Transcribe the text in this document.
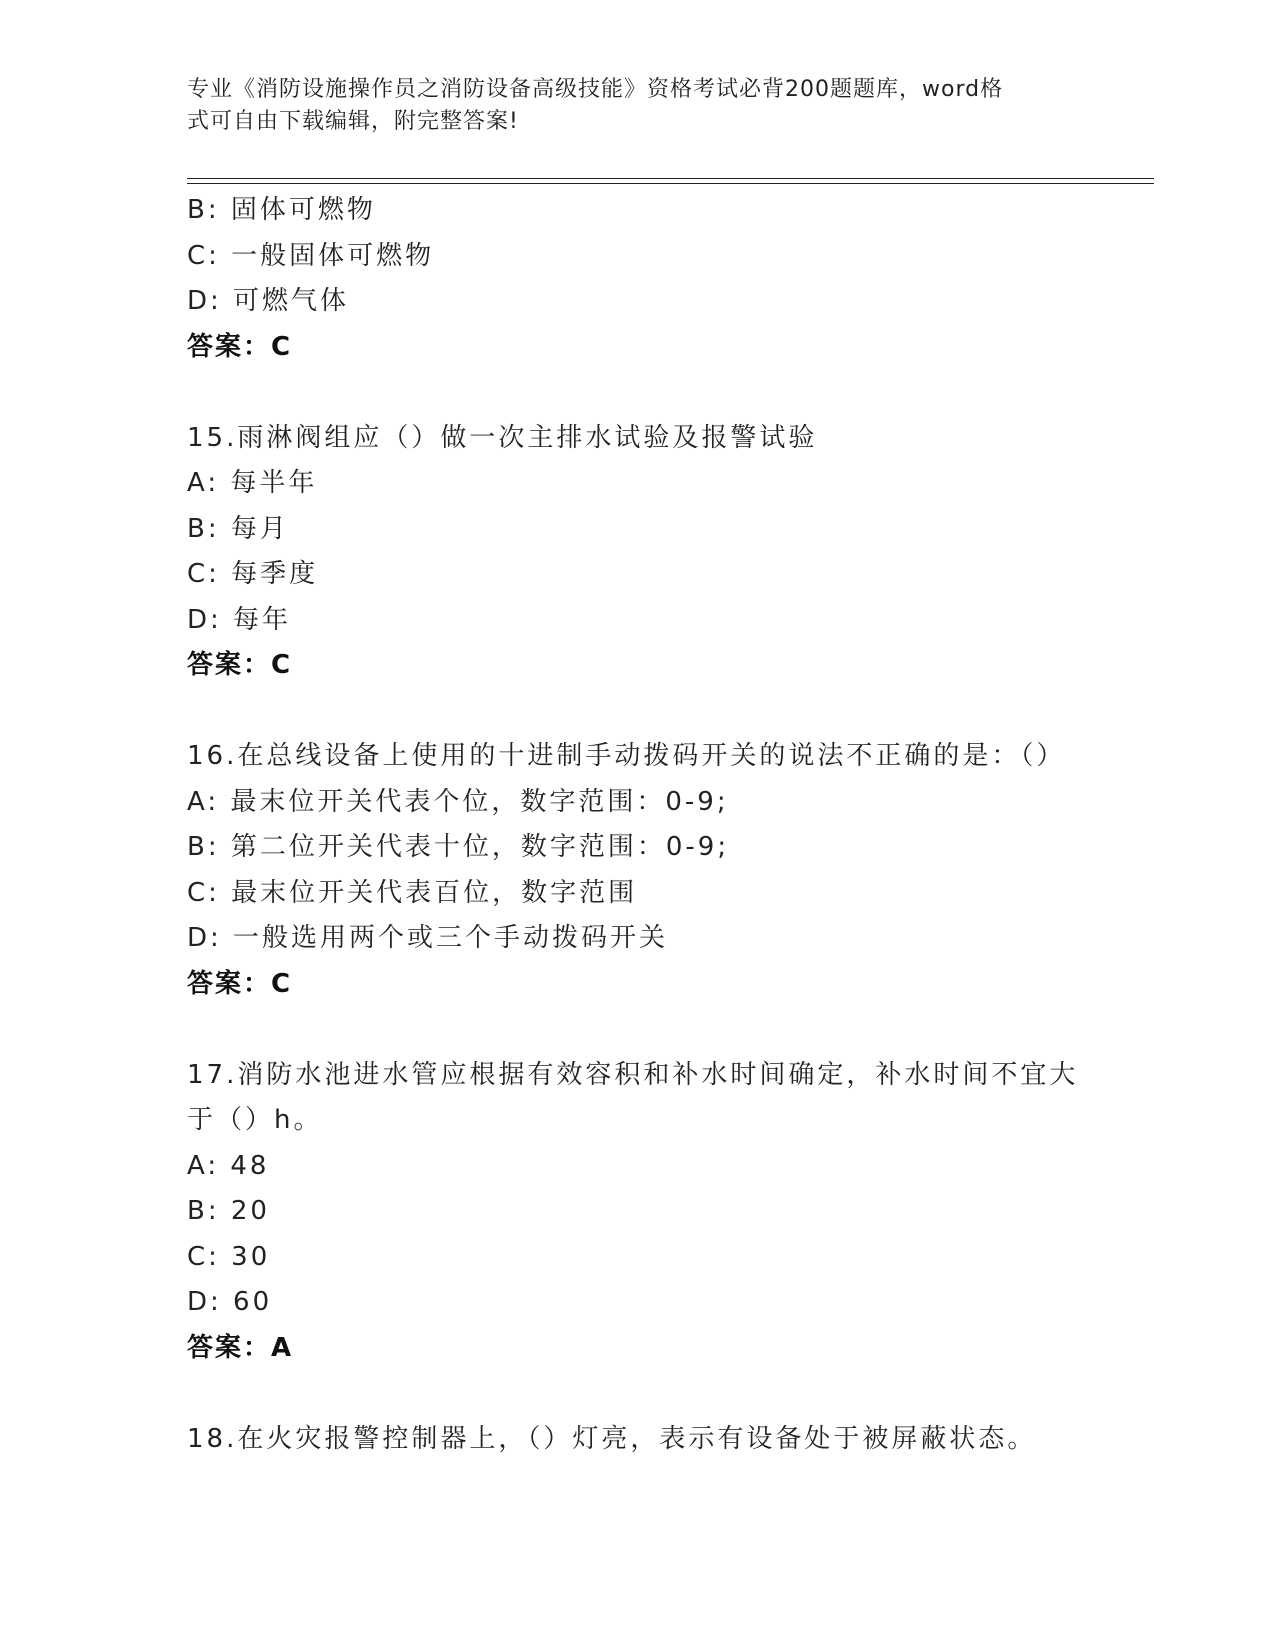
专业《消防设施操作员之消防设备高级技能》资格考试必背200题题库，word格
式可自由下载编辑，附完整答案!
B: 固体可燃物
C: 一般固体可燃物
D: 可燃气体
答案：C
15.雨淋阀组应（）做一次主排水试验及报警试验
A: 每半年
B: 每月
C: 每季度
D: 每年
答案：C
16.在总线设备上使用的十进制手动拨码开关的说法不正确的是：（）
A: 最末位开关代表个位，数字范围：0-9;
B: 第二位开关代表十位，数字范围：0-9;
C: 最末位开关代表百位，数字范围
D: 一般选用两个或三个手动拨码开关
答案：C
17.消防水池进水管应根据有效容积和补水时间确定，补水时间不宜大
于（）h。
A: 48
B: 20
C: 30
D: 60
答案：A
18.在火灾报警控制器上，（）灯亮，表示有设备处于被屏蔽状态。
